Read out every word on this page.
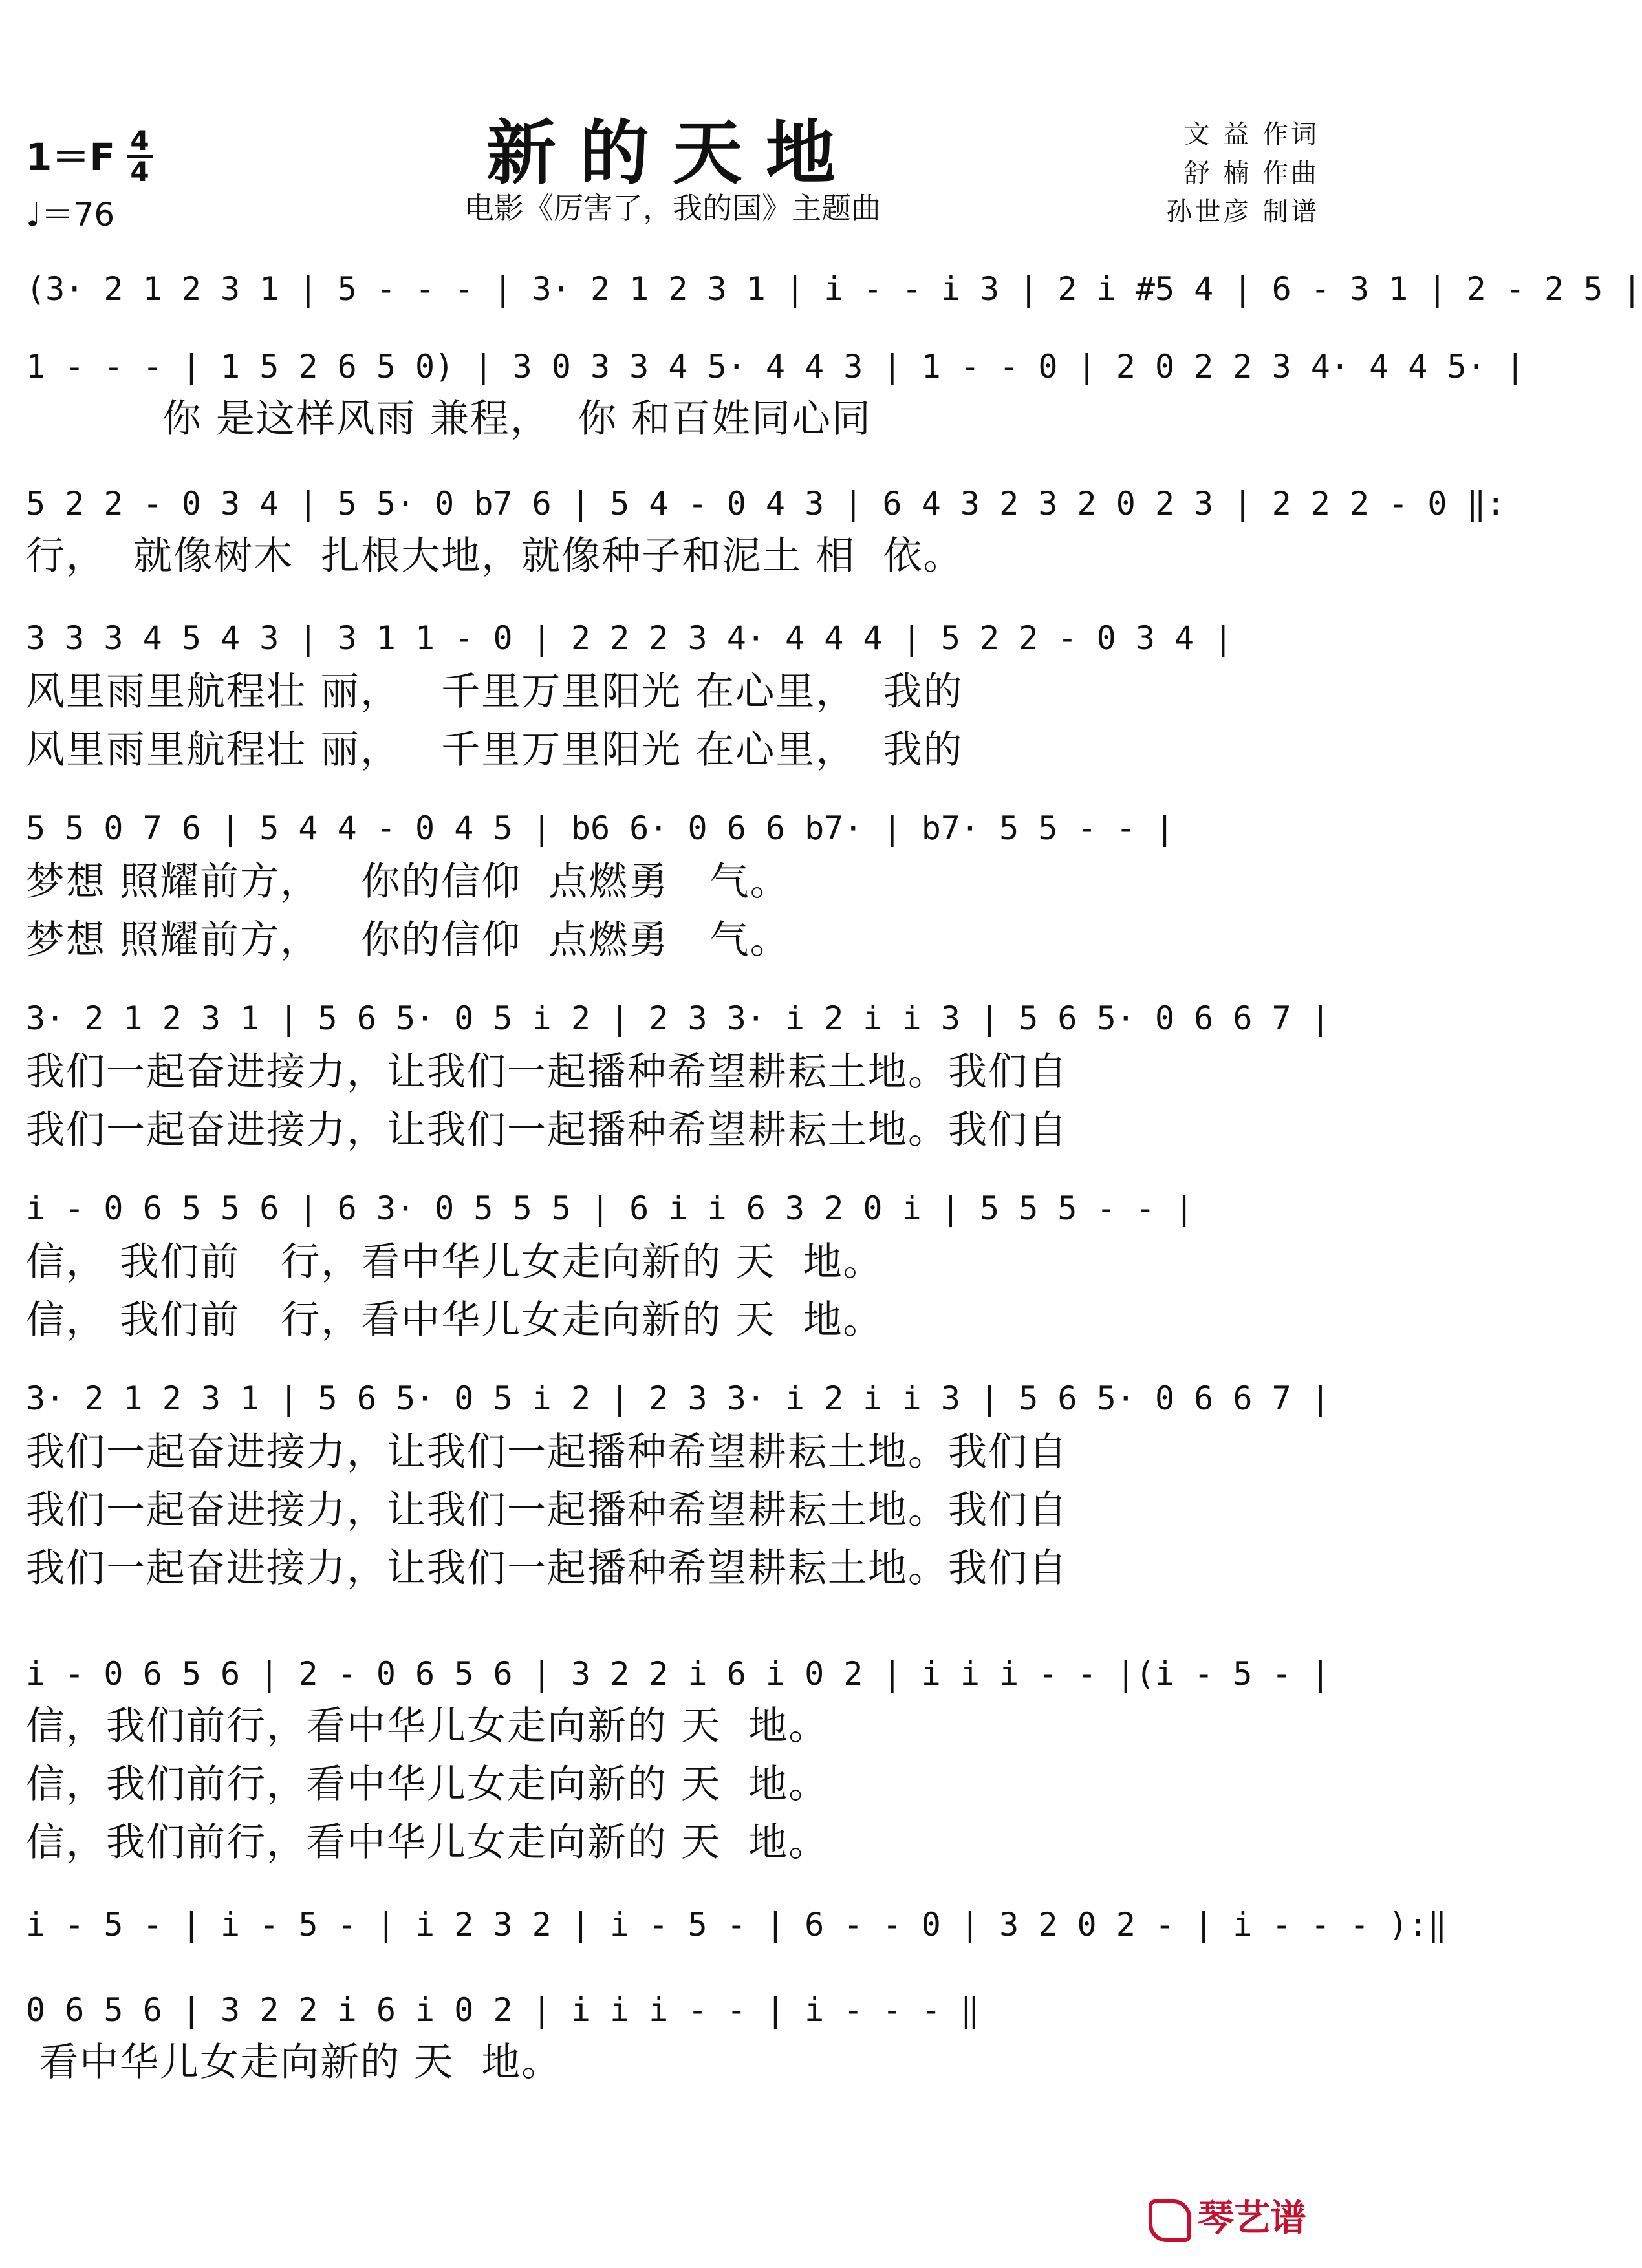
新的天地
电影《厉害了，我的国》主题曲
1＝F 4
4
♩＝76
文 益 作词
舒 楠 作曲
孙世彦 制谱
(3· 2 1 2 3 1 | 5 - - - | 3· 2 1 2 3 1 | i - - i 3 | 2 i #5 4 | 6 - 3 1 | 2 - 2 5 |
1 - - - | 1 5 2 6 5 0) | 3 0 3 3 4 5· 4 4 3 | 1 - - 0 | 2 0 2 2 3 4· 4 4 5· |
你 是这样风雨 兼程，  你 和百姓同心同
5 2 2 - 0 3 4 | 5 5· 0 b7 6 | 5 4 - 0 4 3 | 6 4 3 2 3 2 0 2 3 | 2 2 2 - 0 ‖:
行，  就像树木  扎根大地，就像种子和泥土 相  依。
3 3 3 4 5 4 3 | 3 1 1 - 0 | 2 2 2 3 4· 4 4 4 | 5 2 2 - 0 3 4 |
风里雨里航程壮 丽，   千里万里阳光 在心里，  我的
风里雨里航程壮 丽，   千里万里阳光 在心里，  我的
5 5 0 7 6 | 5 4 4 - 0 4 5 | b6 6· 0 6 6 b7· | b7· 5 5 - - |
梦想 照耀前方，   你的信仰  点燃勇   气。
梦想 照耀前方，   你的信仰  点燃勇   气。
3· 2 1 2 3 1 | 5 6 5· 0 5 i 2 | 2 3 3· i 2 i i 3 | 5 6 5· 0 6 6 7 |
我们一起奋进接力，让我们一起播种希望耕耘土地。我们自
我们一起奋进接力，让我们一起播种希望耕耘土地。我们自
i - 0 6 5 5 6 | 6 3· 0 5 5 5 | 6 i i 6 3 2 0 i | 5 5 5 - - |
信， 我们前   行，看中华儿女走向新的 天  地。
信， 我们前   行，看中华儿女走向新的 天  地。
3· 2 1 2 3 1 | 5 6 5· 0 5 i 2 | 2 3 3· i 2 i i 3 | 5 6 5· 0 6 6 7 |
我们一起奋进接力，让我们一起播种希望耕耘土地。我们自
我们一起奋进接力，让我们一起播种希望耕耘土地。我们自
我们一起奋进接力，让我们一起播种希望耕耘土地。我们自
i - 0 6 5 6 | 2 - 0 6 5 6 | 3 2 2 i 6 i 0 2 | i i i - - |(i - 5 - |
信，我们前行，看中华儿女走向新的 天  地。
信，我们前行，看中华儿女走向新的 天  地。
信，我们前行，看中华儿女走向新的 天  地。
i - 5 - | i - 5 - | i 2 3 2 | i - 5 - | 6 - - 0 | 3 2 0 2 - | i - - - ):‖
0 6 5 6 | 3 2 2 i 6 i 0 2 | i i i - - | i - - - ‖
看中华儿女走向新的 天  地。
琴艺谱
